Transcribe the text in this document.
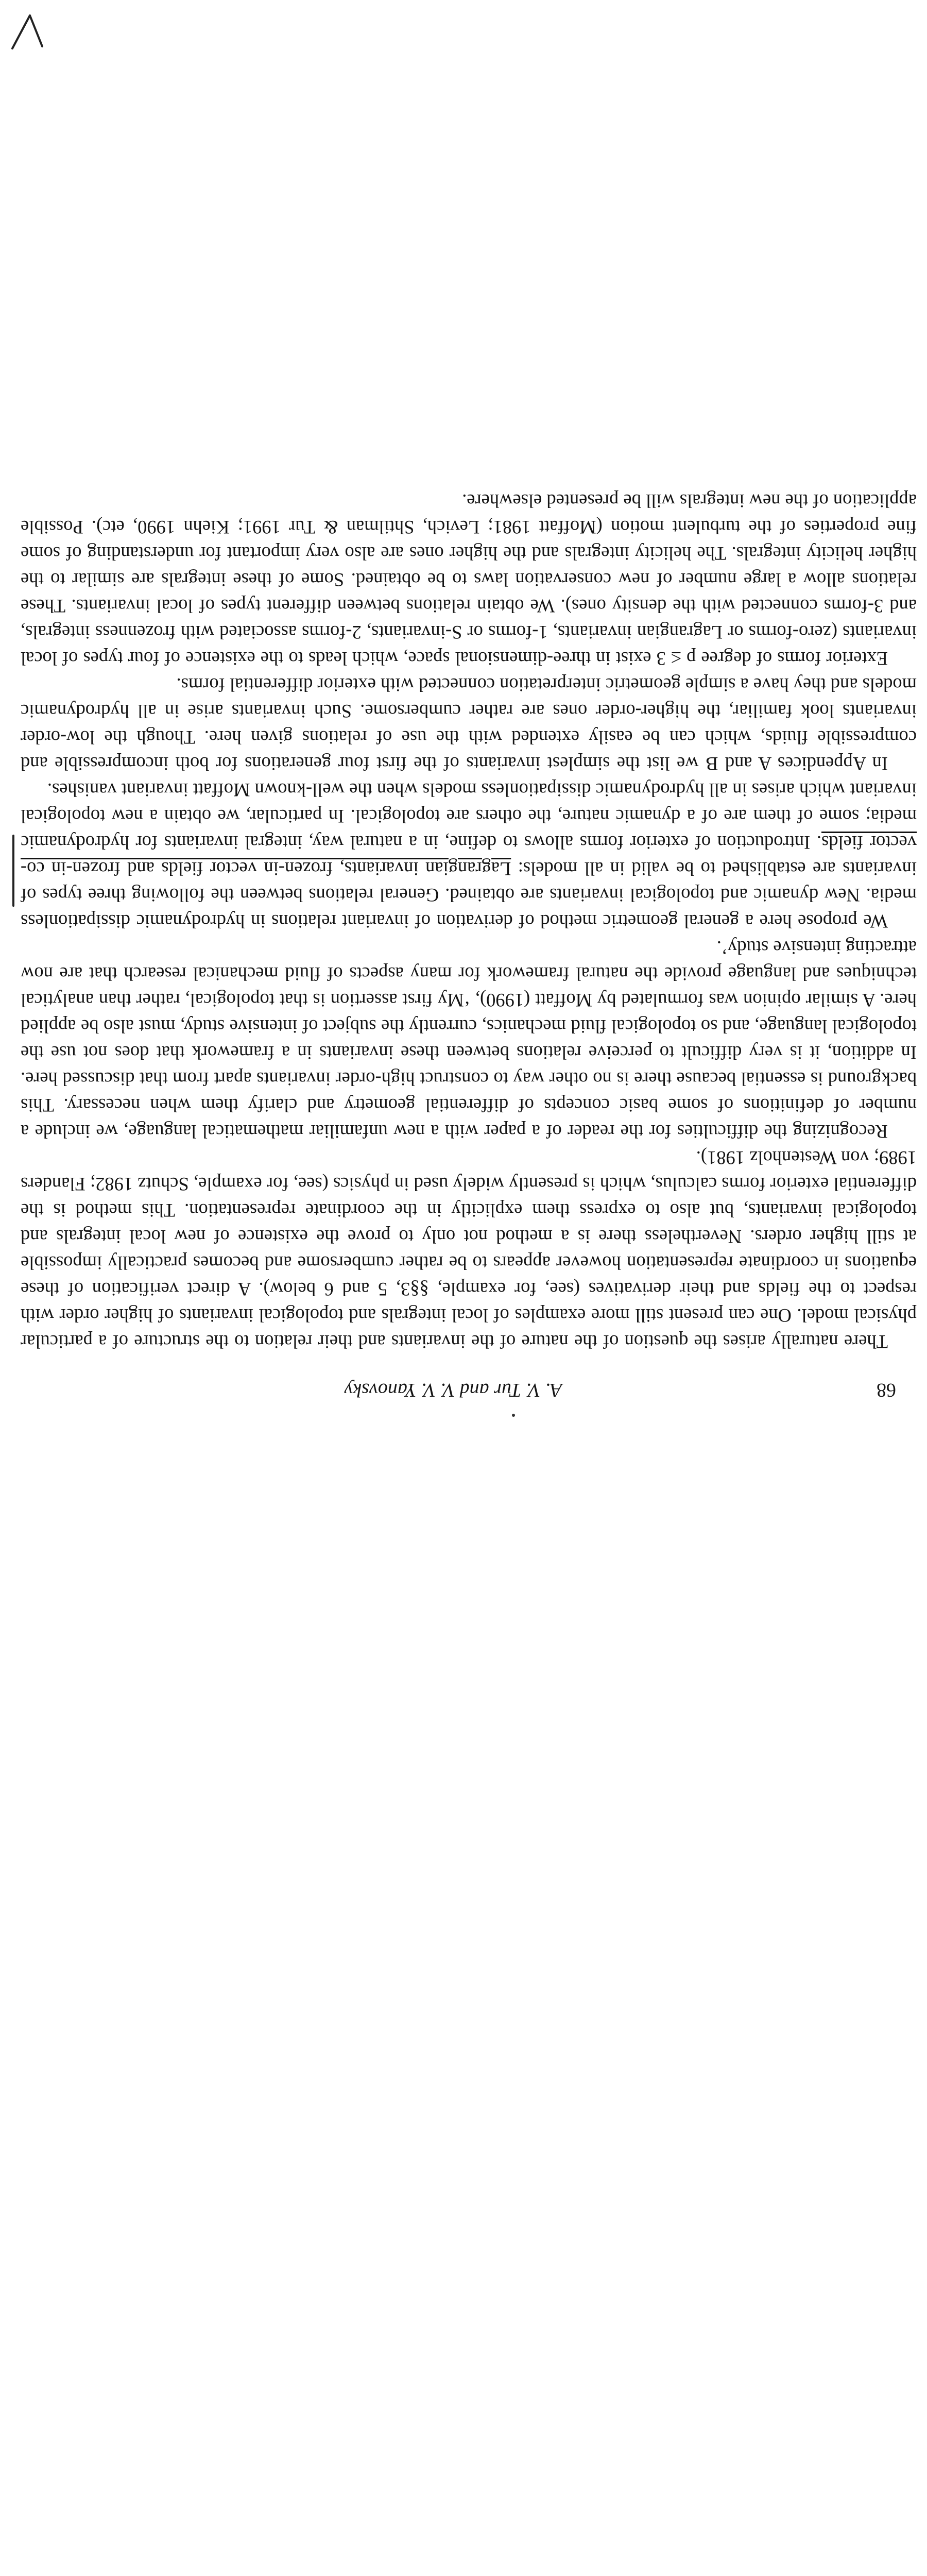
68
A. V. Tur and V. V. Yanovsky

There naturally arises the question of the nature of the invariants and their relation to the structure of a particular physical model. One can present still more examples of local integrals and topological invariants of higher order with respect to the fields and their derivatives (see, for example, §§3, 5 and 6 below). A direct verification of these equations in coordinate representation however appears to be rather cumbersome and becomes practically impossible at still higher orders. Nevertheless there is a method not only to prove the existence of new local integrals and topological invariants, but also to express them explicitly in the coordinate representation. This method is the differential exterior forms calculus, which is presently widely used in physics (see, for example, Schutz 1982; Flanders 1989; von Westenholz 1981).

Recognizing the difficulties for the reader of a paper with a new unfamiliar mathematical language, we include a number of definitions of some basic concepts of differential geometry and clarify them when necessary. This background is essential because there is no other way to construct high-order invariants apart from that discussed here. In addition, it is very difficult to perceive relations between these invariants in a framework that does not use the topological language, and so topological fluid mechanics, currently the subject of intensive study, must also be applied here. A similar opinion was formulated by Moffatt (1990), ‘My first assertion is that topological, rather than analytical techniques and language provide the natural framework for many aspects of fluid mechanical research that are now attracting intensive study’.

We propose here a general geometric method of derivation of invariant relations in hydrodynamic dissipationless media. New dynamic and topological invariants are obtained. General relations between the following three types of invariants are established to be valid in all models: Lagrangian invariants, frozen-in vector fields and frozen-in co-vector fields. Introduction of exterior forms allows to define, in a natural way, integral invariants for hydrodynamic media; some of them are of a dynamic nature, the others are topological. In particular, we obtain a new topological invariant which arises in all hydrodynamic dissipationless models when the well-known Moffatt invariant vanishes.

In Appendices A and B we list the simplest invariants of the first four generations for both incompressible and compressible fluids, which can be easily extended with the use of relations given here. Though the low-order invariants look familiar, the higher-order ones are rather cumbersome. Such invariants arise in all hydrodynamic models and they have a simple geometric interpretation connected with exterior differential forms.

Exterior forms of degree p ≤ 3 exist in three-dimensional space, which leads to the existence of four types of local invariants (zero-forms or Lagrangian invariants, 1-forms or S-invariants, 2-forms associated with frozenness integrals, and 3-forms connected with the density ones). We obtain relations between different types of local invariants. These relations allow a large number of new conservation laws to be obtained. Some of these integrals are similar to the higher helicity integrals. The helicity integrals and the higher ones are also very important for understanding of some fine properties of the turbulent motion (Moffatt 1981; Levich, Shtilman & Tur 1991; Kiehn 1990, etc). Possible application of the new integrals will be presented elsewhere.
